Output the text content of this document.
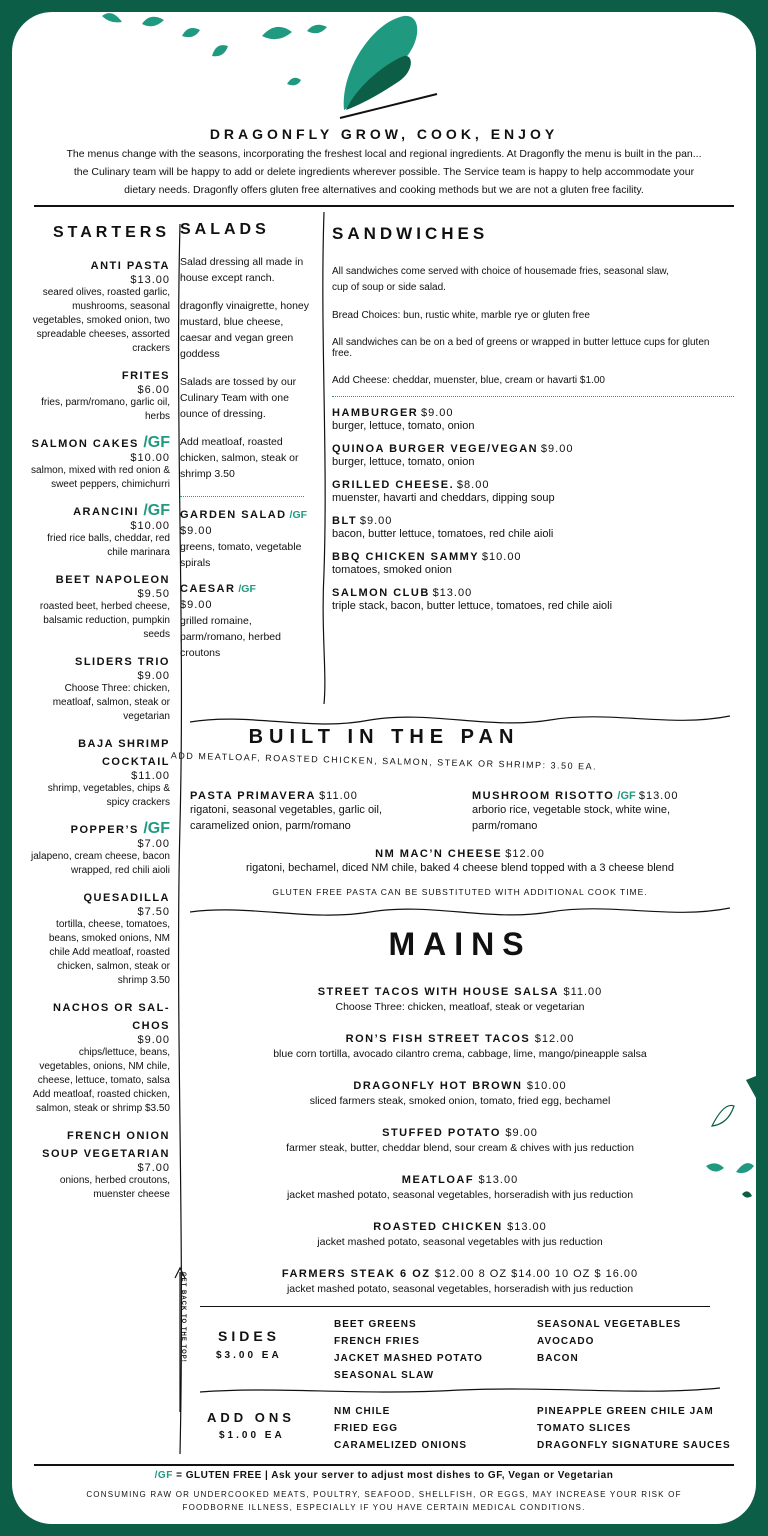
DRAGONFLY GROW, COOK, ENJOY
The menus change with the seasons, incorporating the freshest local and regional ingredients. At Dragonfly the menu is built in the pan...
the Culinary team will be happy to add or delete ingredients wherever possible. The Service team is happy to help accommodate your
dietary needs. Dragonfly offers gluten free alternatives and cooking methods but we are not a gluten free facility.
STARTERS
ANTI PASTA
$13.00
seared olives, roasted garlic, mushrooms, seasonal vegetables, smoked onion, two spreadable cheeses, assorted crackers
FRITES
$6.00
fries, parm/romano, garlic oil, herbs
SALMON CAKES /GF
$10.00
salmon, mixed with red onion & sweet peppers, chimichurri
ARANCINI /GF
$10.00
fried rice balls, cheddar, red chile marinara
BEET NAPOLEON
$9.50
roasted beet, herbed cheese, balsamic reduction, pumpkin seeds
SLIDERS TRIO
$9.00
Choose Three: chicken, meatloaf, salmon, steak or vegetarian
BAJA SHRIMP COCKTAIL
$11.00
shrimp, vegetables, chips & spicy crackers
POPPER’S /GF
$7.00
jalapeno, cream cheese, bacon wrapped, red chili aioli
QUESADILLA
$7.50
tortilla, cheese, tomatoes, beans, smoked onions, NM chile Add meatloaf, roasted chicken, salmon, steak or shrimp 3.50
NACHOS OR SAL-CHOS
$9.00
chips/lettuce, beans, vegetables, onions, NM chile, cheese, lettuce, tomato, salsa Add meatloaf, roasted chicken, salmon, steak or shrimp $3.50
FRENCH ONION SOUP VEGETARIAN
$7.00
onions, herbed croutons, muenster cheese
GET BACK TO THE TOP!
SALADS
Salad dressing all made in house except ranch.
dragonfly vinaigrette, honey mustard, blue cheese, caesar and vegan green goddess
Salads are tossed by our Culinary Team with one ounce of dressing.
Add meatloaf, roasted chicken, salmon, steak or shrimp 3.50
GARDEN SALAD /GF
$9.00
greens, tomato, vegetable spirals
CAESAR /GF
$9.00
grilled romaine, parm/romano, herbed croutons
SANDWICHES
All sandwiches come served with choice of housemade fries, seasonal slaw, cup of soup or side salad.
Bread Choices: bun, rustic white, marble rye or gluten free
All sandwiches can be on a bed of greens or wrapped in butter lettuce cups for gluten free.
Add Cheese: cheddar, muenster, blue, cream or havarti $1.00
HAMBURGER $9.00
burger, lettuce, tomato, onion
QUINOA BURGER VEGE/VEGAN $9.00
burger, lettuce, tomato, onion
GRILLED CHEESE. $8.00
muenster, havarti and cheddars, dipping soup
BLT $9.00
bacon, butter lettuce, tomatoes, red chile aioli
BBQ CHICKEN SAMMY $10.00
tomatoes, smoked onion
SALMON CLUB $13.00
triple stack, bacon, butter lettuce, tomatoes, red chile aioli
BUILT IN THE PAN
ADD MEATLOAF, ROASTED CHICKEN, SALMON, STEAK OR SHRIMP: 3.50 EA.
PASTA PRIMAVERA $11.00
rigatoni, seasonal vegetables, garlic oil, caramelized onion, parm/romano
MUSHROOM RISOTTO /GF $13.00
arborio rice, vegetable stock, white wine, parm/romano
NM MAC’N CHEESE $12.00
rigatoni, bechamel, diced NM chile, baked 4 cheese blend topped with a 3 cheese blend
GLUTEN FREE PASTA CAN BE SUBSTITUTED WITH ADDITIONAL COOK TIME.
MAINS
STREET TACOS WITH HOUSE SALSA $11.00
Choose Three: chicken, meatloaf, steak or vegetarian
RON’S FISH STREET TACOS $12.00
blue corn tortilla, avocado cilantro crema, cabbage, lime, mango/pineapple salsa
DRAGONFLY HOT BROWN $10.00
sliced farmers steak, smoked onion, tomato, fried egg, bechamel
STUFFED POTATO $9.00
farmer steak, butter, cheddar blend, sour cream & chives with jus reduction
MEATLOAF $13.00
jacket mashed potato, seasonal vegetables, horseradish with jus reduction
ROASTED CHICKEN $13.00
jacket mashed potato, seasonal vegetables with jus reduction
FARMERS STEAK 6 OZ $12.00 8 OZ $14.00 10 OZ $ 16.00
jacket mashed potato, seasonal vegetables, horseradish with jus reduction
SIDES
$3.00 EA
BEET GREENS
FRENCH FRIES
JACKET MASHED POTATO
SEASONAL SLAW
SEASONAL VEGETABLES
AVOCADO
BACON
ADD ONS
$1.00 EA
NM CHILE
FRIED EGG
CARAMELIZED ONIONS
PINEAPPLE GREEN CHILE JAM
TOMATO SLICES
DRAGONFLY SIGNATURE SAUCES
/GF = GLUTEN FREE | Ask your server to adjust most dishes to GF, Vegan or Vegetarian
CONSUMING RAW OR UNDERCOOKED MEATS, POULTRY, SEAFOOD, SHELLFISH, OR EGGS, MAY INCREASE YOUR RISK OF
FOODBORNE ILLNESS, ESPECIALLY IF YOU HAVE CERTAIN MEDICAL CONDITIONS.
